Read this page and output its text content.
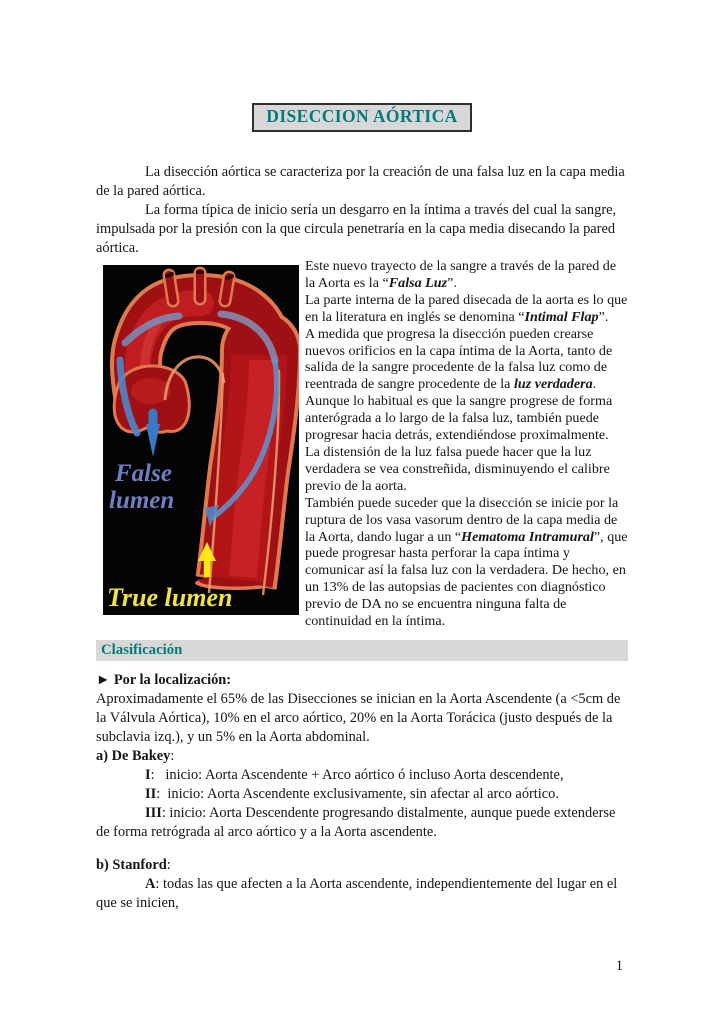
DISECCION AÓRTICA

La disección aórtica se caracteriza por la creación de una falsa luz en la capa media de la pared aórtica.

La forma típica de inicio sería un desgarro en la íntima a través del cual la sangre, impulsada por la presión con la que circula penetraría en la capa media disecando la pared aórtica.

False
lumen
True lumen

Este nuevo trayecto de la sangre a través de la pared de la Aorta es la “Falsa Luz”.

La parte interna de la pared disecada de la aorta es lo que en la literatura en inglés se denomina “Intimal Flap”.

A medida que progresa la disección pueden crearse nuevos orificios en la capa íntima de la Aorta, tanto de salida de la sangre procedente de la falsa luz como de reentrada de sangre procedente de la luz verdadera.

Aunque lo habitual es que la sangre progrese de forma anterógrada a lo largo de la falsa luz, también puede progresar hacia detrás, extendiéndose proximalmente.

La distensión de la luz falsa puede hacer que la luz verdadera se vea constreñida, disminuyendo el calibre previo de la aorta.

También puede suceder que la disección se inicie por la ruptura de los vasa vasorum dentro de la capa media de la Aorta, dando lugar a un “Hematoma Intramural”, que puede progresar hasta perforar la capa íntima y comunicar así la falsa luz con la verdadera. De hecho, en un 13% de las autopsias de pacientes con diagnóstico previo de DA no se encuentra ninguna falta de continuidad en la íntima.

Clasificación

► Por la localización:

Aproximadamente el 65% de las Disecciones se inician en la Aorta Ascendente (a <5cm de la Válvula Aórtica), 10% en el arco aórtico, 20% en la Aorta Torácica (justo después de la subclavia izq.), y un 5% en la Aorta abdominal.

a) De Bakey:

I:   inicio: Aorta Ascendente + Arco aórtico ó incluso Aorta descendente,

II:  inicio: Aorta Ascendente exclusivamente, sin afectar al arco aórtico.

III: inicio: Aorta Descendente progresando distalmente, aunque puede extenderse de forma retrógrada al arco aórtico y a la Aorta ascendente.

b) Stanford:

A: todas las que afecten a la Aorta ascendente, independientemente del lugar en el que se inicien,

1
